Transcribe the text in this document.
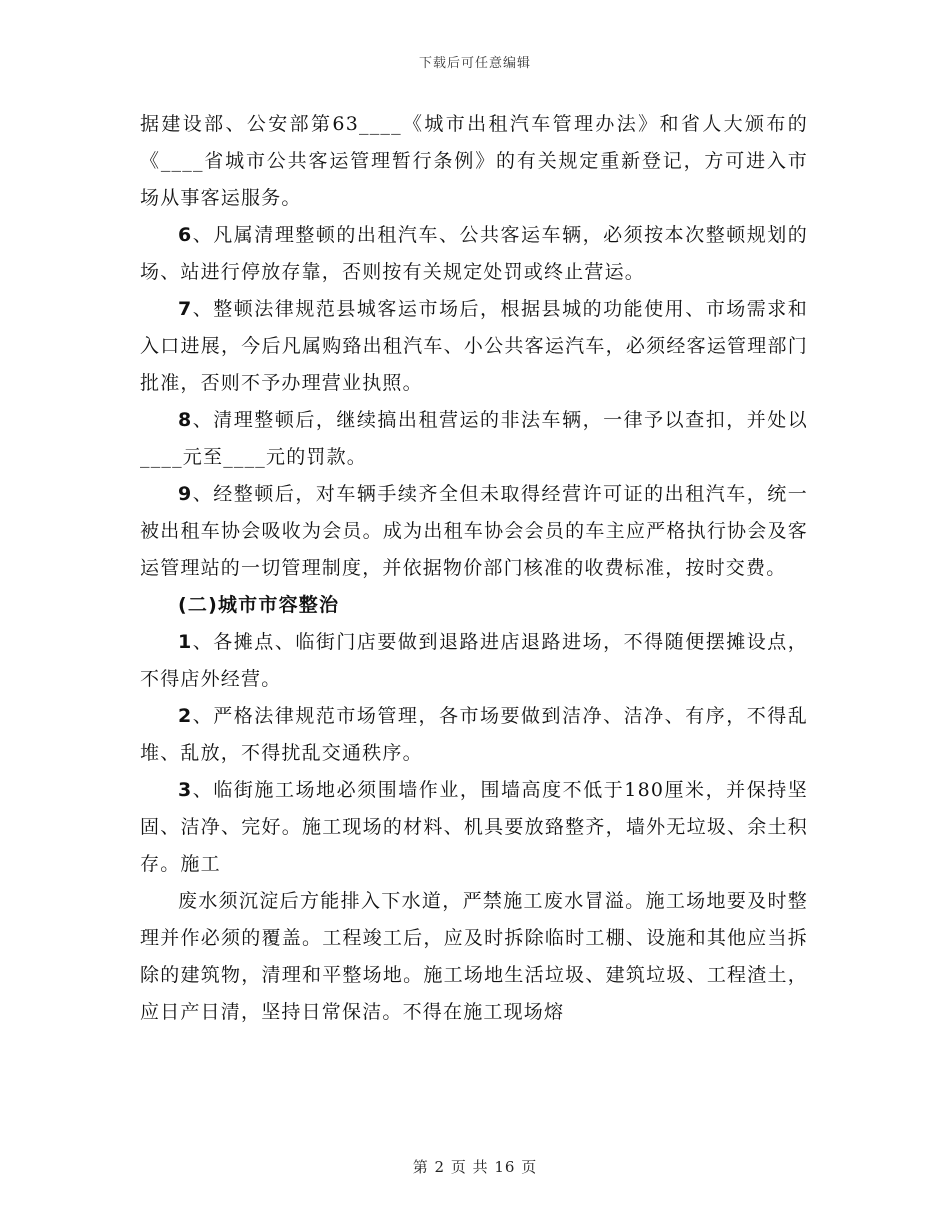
下载后可任意编辑

据建设部、公安部第63____《城市出租汽车管理办法》和省人大颁布的《____省城市公共客运管理暂行条例》的有关规定重新登记，方可进入市场从事客运服务。

6、凡属清理整顿的出租汽车、公共客运车辆，必须按本次整顿规划的场、站进行停放存靠，否则按有关规定处罚或终止营运。

7、整顿法律规范县城客运市场后，根据县城的功能使用、市场需求和入口进展，今后凡属购臵出租汽车、小公共客运汽车，必须经客运管理部门批准，否则不予办理营业执照。

8、清理整顿后，继续搞出租营运的非法车辆，一律予以查扣，并处以____元至____元的罚款。

9、经整顿后，对车辆手续齐全但未取得经营许可证的出租汽车，统一被出租车协会吸收为会员。成为出租车协会会员的车主应严格执行协会及客运管理站的一切管理制度，并依据物价部门核准的收费标准，按时交费。

(二)城市市容整治

1、各摊点、临街门店要做到退路进店退路进场，不得随便摆摊设点，不得店外经营。

2、严格法律规范市场管理，各市场要做到洁净、洁净、有序，不得乱堆、乱放，不得扰乱交通秩序。

3、临街施工场地必须围墙作业，围墙高度不低于180厘米，并保持坚固、洁净、完好。施工现场的材料、机具要放臵整齐，墙外无垃圾、余土积存。施工

废水须沉淀后方能排入下水道，严禁施工废水冒溢。施工场地要及时整理并作必须的覆盖。工程竣工后，应及时拆除临时工棚、设施和其他应当拆除的建筑物，清理和平整场地。施工场地生活垃圾、建筑垃圾、工程渣土，应日产日清，坚持日常保洁。不得在施工现场熔

第 2 页 共 16 页
